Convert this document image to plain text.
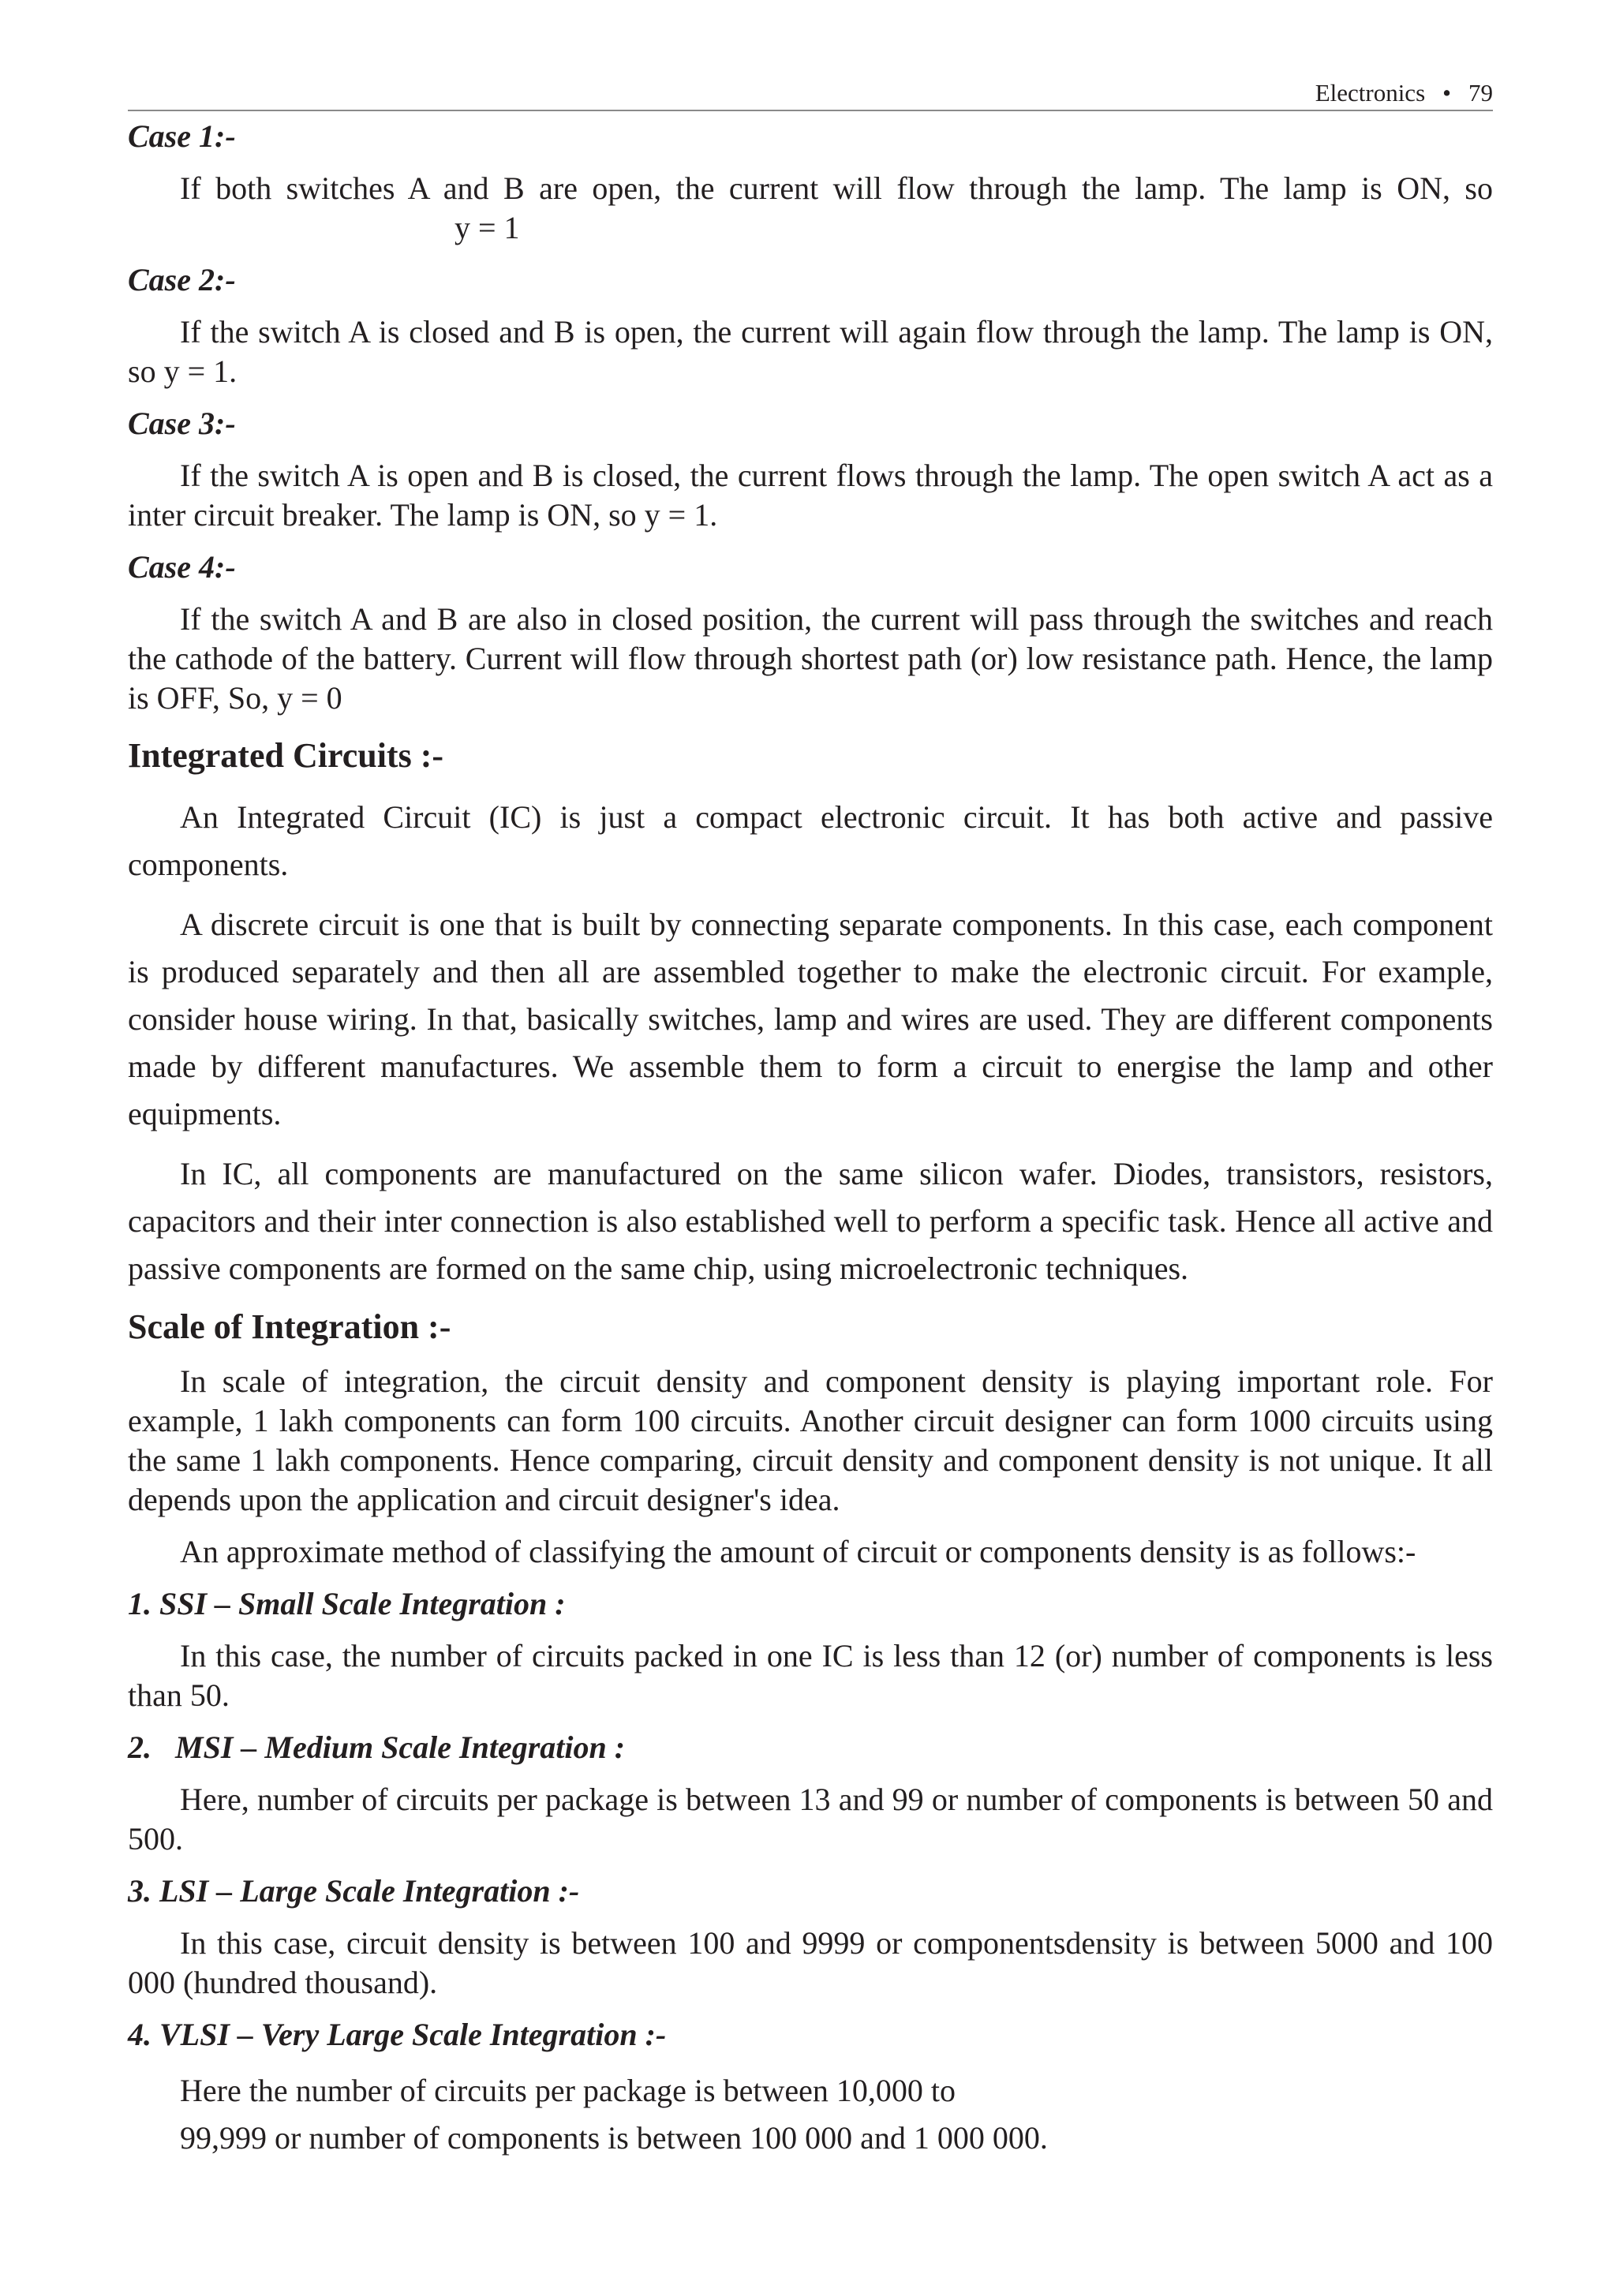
Electronics • 79
Case 1:-

If both switches A and B are open, the current will flow through the lamp. The lamp is ON, so

y = 1
Case 2:-

If the switch A is closed and B is open, the current will again flow through the lamp. The lamp is ON, so y = 1.

Case 3:-

If the switch A is open and B is closed, the current flows through the lamp. The open switch A act as a inter circuit breaker. The lamp is ON, so y = 1.

Case 4:-

If the switch A and B are also in closed position, the current will pass through the switches and reach the cathode of the battery. Current will flow through shortest path (or) low resistance path. Hence, the lamp is OFF, So, y = 0

Integrated Circuits :-

An Integrated Circuit (IC) is just a compact electronic circuit. It has both active and passive components.

A discrete circuit is one that is built by connecting separate components. In this case, each component is produced separately and then all are assembled together to make the electronic circuit. For example, consider house wiring. In that, basically switches, lamp and wires are used. They are different components made by different manufactures. We assemble them to form a circuit to energise the lamp and other equipments.

In IC, all components are manufactured on the same silicon wafer. Diodes, transistors, resistors, capacitors and their inter connection is also established well to perform a specific task. Hence all active and passive components are formed on the same chip, using microelectronic techniques.

Scale of Integration :-

In scale of integration, the circuit density and component density is playing important role. For example, 1 lakh components can form 100 circuits. Another circuit designer can form 1000 circuits using the same 1 lakh components. Hence comparing, circuit density and component density is not unique. It all depends upon the application and circuit designer's idea.

An approximate method of classifying the amount of circuit or components density is as follows:-

1. SSI – Small Scale Integration :

In this case, the number of circuits packed in one IC is less than 12 (or) number of components is less than 50.

2.   MSI – Medium Scale Integration :

Here, number of circuits per package is between 13 and 99 or number of components is between 50 and 500.

3. LSI – Large Scale Integration :-

In this case, circuit density is between 100 and 9999 or componentsdensity is between 5000 and 100 000 (hundred thousand).

4. VLSI – Very Large Scale Integration :-
Here the number of circuits per package is between 10,000 to
99,999 or number of components is between 100 000 and 1 000 000.
